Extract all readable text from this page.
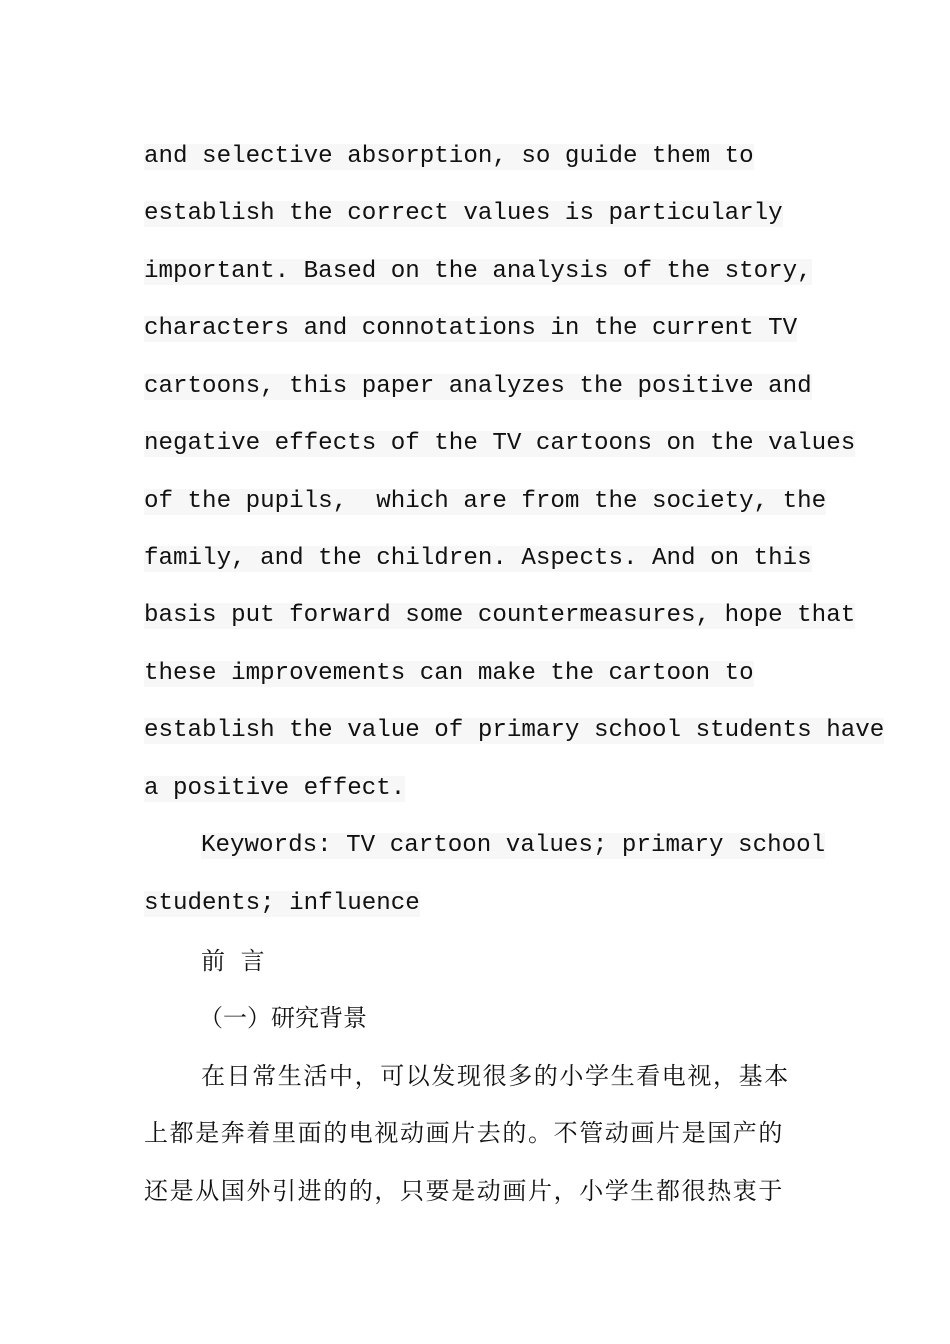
and selective absorption, so guide them to
establish the correct values is particularly
important. Based on the analysis of the story,
characters and connotations in the current TV
cartoons, this paper analyzes the positive and
negative effects of the TV cartoons on the values
of the pupils,  which are from the society, the
family, and the children. Aspects. And on this
basis put forward some countermeasures, hope that
these improvements can make the cartoon to
establish the value of primary school students have
a positive effect.
Keywords: TV cartoon values; primary school
students; influence
前 言
（一）研究背景
在日常生活中，可以发现很多的小学生看电视，基本
上都是奔着里面的电视动画片去的。不管动画片是国产的
还是从国外引进的的，只要是动画片，小学生都很热衷于
